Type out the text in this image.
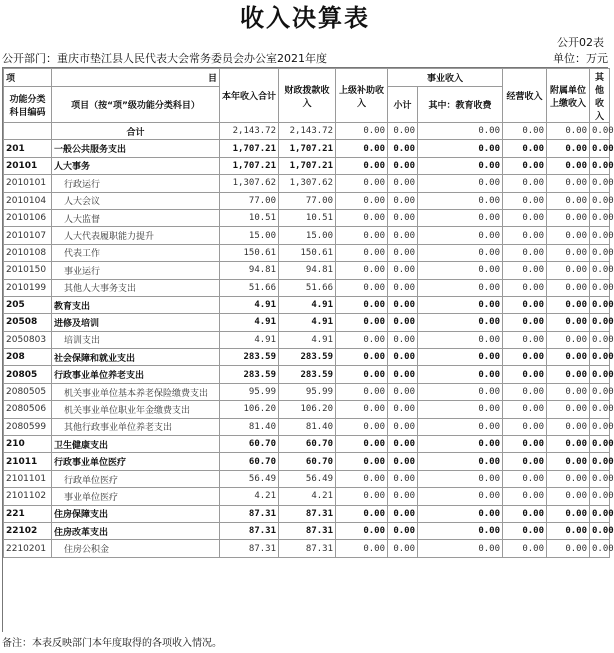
收入决算表
公开02表
公开部门：重庆市垫江县人民代表大会常务委员会办公室2021年度	单位：万元
项	目	本年收入合计	财政拨款收入	上级补助收入	事业收入		经营收入	附属单位上缴收入	其他收入
功能分类科目编码	项目（按“项”级功能分类科目）								
					小计	其中：教育收费			
	合计	2,143.72	2,143.72	0.00	0.00	0.00	0.00	0.00	0.00
201	一般公共服务支出	1,707.21	1,707.21	0.00	0.00	0.00	0.00	0.00	0.00
20101	人大事务	1,707.21	1,707.21	0.00	0.00	0.00	0.00	0.00	0.00
2010101	行政运行	1,307.62	1,307.62	0.00	0.00	0.00	0.00	0.00	0.00
2010104	人大会议	77.00	77.00	0.00	0.00	0.00	0.00	0.00	0.00
2010106	人大监督	10.51	10.51	0.00	0.00	0.00	0.00	0.00	0.00
2010107	人大代表履职能力提升	15.00	15.00	0.00	0.00	0.00	0.00	0.00	0.00
2010108	代表工作	150.61	150.61	0.00	0.00	0.00	0.00	0.00	0.00
2010150	事业运行	94.81	94.81	0.00	0.00	0.00	0.00	0.00	0.00
2010199	其他人大事务支出	51.66	51.66	0.00	0.00	0.00	0.00	0.00	0.00
205	教育支出	4.91	4.91	0.00	0.00	0.00	0.00	0.00	0.00
20508	进修及培训	4.91	4.91	0.00	0.00	0.00	0.00	0.00	0.00
2050803	培训支出	4.91	4.91	0.00	0.00	0.00	0.00	0.00	0.00
208	社会保障和就业支出	283.59	283.59	0.00	0.00	0.00	0.00	0.00	0.00
20805	行政事业单位养老支出	283.59	283.59	0.00	0.00	0.00	0.00	0.00	0.00
2080505	机关事业单位基本养老保险缴费支出	95.99	95.99	0.00	0.00	0.00	0.00	0.00	0.00
2080506	机关事业单位职业年金缴费支出	106.20	106.20	0.00	0.00	0.00	0.00	0.00	0.00
2080599	其他行政事业单位养老支出	81.40	81.40	0.00	0.00	0.00	0.00	0.00	0.00
210	卫生健康支出	60.70	60.70	0.00	0.00	0.00	0.00	0.00	0.00
21011	行政事业单位医疗	60.70	60.70	0.00	0.00	0.00	0.00	0.00	0.00
2101101	行政单位医疗	56.49	56.49	0.00	0.00	0.00	0.00	0.00	0.00
2101102	事业单位医疗	4.21	4.21	0.00	0.00	0.00	0.00	0.00	0.00
221	住房保障支出	87.31	87.31	0.00	0.00	0.00	0.00	0.00	0.00
22102	住房改革支出	87.31	87.31	0.00	0.00	0.00	0.00	0.00	0.00
2210201	住房公积金	87.31	87.31	0.00	0.00	0.00	0.00	0.00	0.00
备注：本表反映部门本年度取得的各项收入情况。
